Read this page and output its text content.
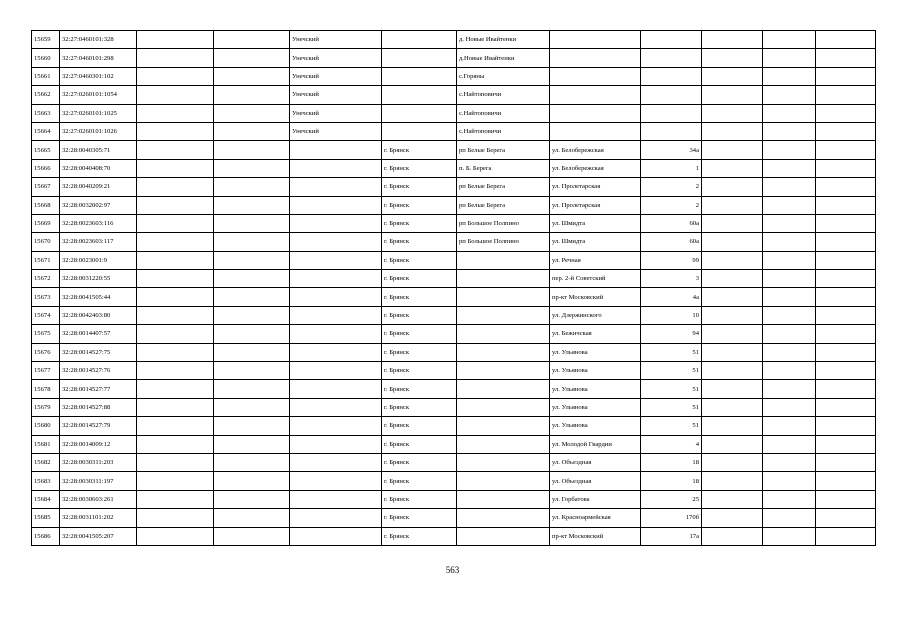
15659	32:27:0460101:328			Унечский		д. Новые Ивайтенки					
15660	32:27:0460101:298			Унечский		д.Новые Ивайтенки					
15661	32:27:0460301:102			Унечский		с.Горяны					
15662	32:27:0260101:1054			Унечский		с.Найтоповичи					
15663	32:27:0260101:1025			Унечский		с.Найтоповичи					
15664	32:27:0260101:1026			Унечский		с.Найтоповичи					
15665	32:28:0040305:71				г. Брянск	рп Белые Берега	ул. Белобережская	34а			
15666	32:28:0040408:70				г. Брянск	п. Б. Берега	ул. Белобережская	1			
15667	32:28:0040209:21				г. Брянск	рп Белые Берега	ул. Пролетарская	2			
15668	32:28:0032002:97				г. Брянск	рп Белые Берега	ул. Пролетарская	2			
15669	32:28:0023603:116				г. Брянск	рп Большое Полпино	ул. Шмидта	60а			
15670	32:28:0023603:117				г. Брянск	рп Большое Полпино	ул. Шмидта	60а			
15671	32:28:0023001:9				г. Брянск		ул. Речная	99			
15672	32:28:0031220:55				г. Брянск		пер. 2-й Советский	3			
15673	32:28:0041505:44				г. Брянск		пр-кт Московский	4а			
15674	32:28:0042403:80				г. Брянск		ул. Дзержинского	10			
15675	32:28:0014407:57				г. Брянск		ул. Бежичская	94			
15676	32:28:0014527:75				г. Брянск		ул. Ульянова	51			
15677	32:28:0014527:76				г. Брянск		ул. Ульянова	51			
15678	32:28:0014527:77				г. Брянск		ул. Ульянова	51			
15679	32:28:0014527:88				г. Брянск		ул. Ульянова	51			
15680	32:28:0014527:79				г. Брянск		ул. Ульянова	51			
15681	32:28:0014009:12				г. Брянск		ул. Молодой Гвардии	4			
15682	32:28:0030311:203				г. Брянск		ул. Объездная	18			
15683	32:28:0030311:197				г. Брянск		ул. Объездная	18			
15684	32:28:0030603:261				г. Брянск		ул. Горбатова	25			
15685	32:28:0031101:202				г. Брянск		ул. Красноармейская	170б			
15686	32:28:0041505:207				г. Брянск		пр-кт Московский	17а			
563
